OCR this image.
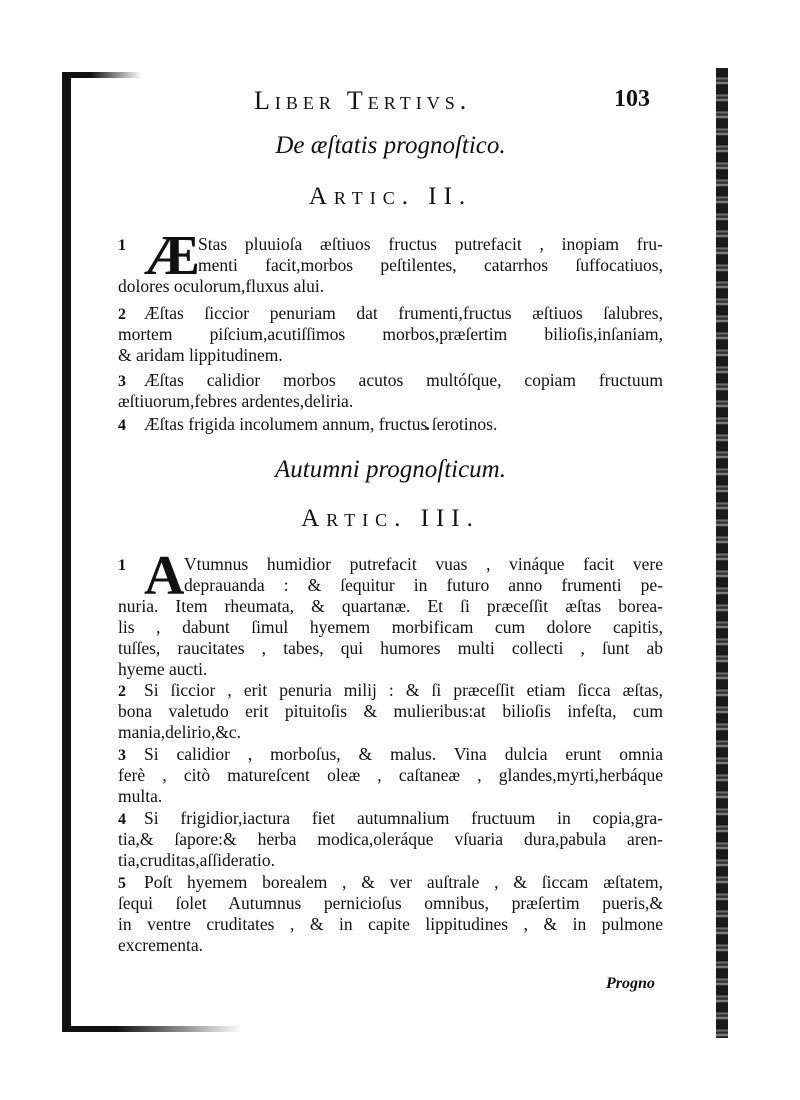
Liber Tertivs.	103
De æſtatis prognoſtico.
Artic. II.
Æ
1	Stas pluuioſa æſtiuos fructus putrefacit , inopiam fru-
menti facit,morbos peſtilentes, catarrhos ſuffocatiuos,
dolores oculorum,fluxus alui.
2 Æſtas ſiccior penuriam dat frumenti,fructus æſtiuos ſalubres,
mortem piſcium,acutiſſimos morbos,præſertim bilioſis,inſaniam,
& aridam lippitudinem.
3 Æſtas calidior morbos acutos multóſque, copiam fructuum
æſtiuorum,febres ardentes,deliria.
4 Æſtas frigida incolumem annum, fructus ſerotinos.
Autumni prognoſticum.
Artic. III.
A
1	Vtumnus humidior putrefacit vuas , vináque facit vere
deprauanda : & ſequitur in futuro anno frumenti pe-
nuria. Item rheumata, & quartanæ. Et ſi præceſſit æſtas borea-
lis , dabunt ſimul hyemem morbificam cum dolore capitis,
tuſſes, raucitates , tabes, qui humores multi collecti , ſunt ab
hyeme aucti.
2 Si ſiccior , erit penuria milij : & ſi præceſſit etiam ſicca æſtas,
bona valetudo erit pituitoſis & mulieribus:at bilioſis infeſta, cum
mania,delirio,&c.
3 Si calidior , morboſus, & malus. Vina dulcia erunt omnia
ferè , citò matureſcent oleæ , caſtaneæ , glandes,myrti,herbáque
multa.
4 Si frigidior,iactura fiet autumnalium fructuum in copia,gra-
tia,& ſapore:& herba modica,oleráque vſuaria dura,pabula aren-
tia,cruditas,aſſideratio.
5 Poſt hyemem borealem , & ver auſtrale , & ſiccam æſtatem,
ſequi ſolet Autumnus pernicioſus omnibus, præſertim pueris,&
in ventre cruditates , & in capite lippitudines , & in pulmone
excrementa.
Progno
